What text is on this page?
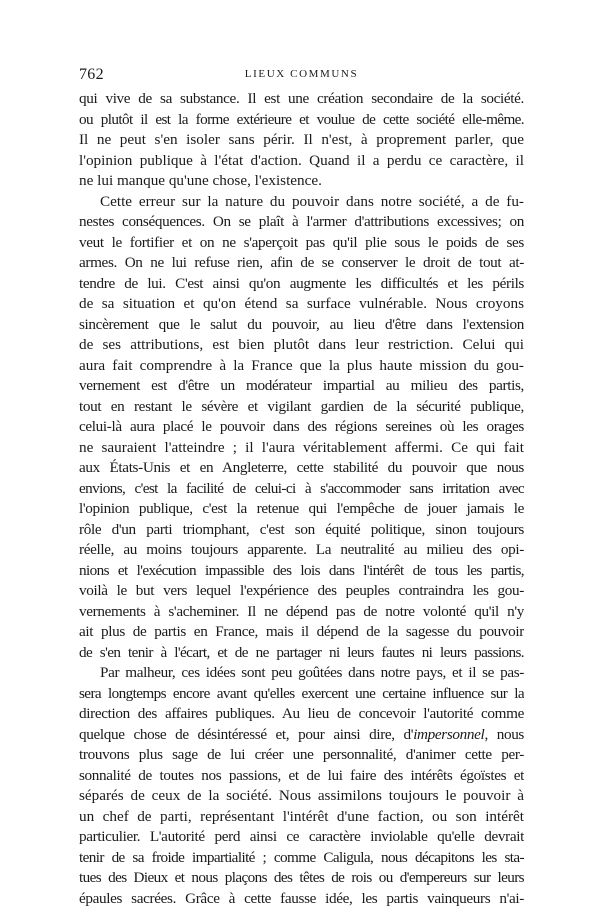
762	LIEUX COMMUNS
qui vive de sa substance. Il est une création secondaire de la société.
ou plutôt il est la forme extérieure et voulue de cette société elle-même.
Il ne peut s'en isoler sans périr. Il n'est, à proprement parler, que
l'opinion publique à l'état d'action. Quand il a perdu ce caractère, il
ne lui manque qu'une chose, l'existence.
Cette erreur sur la nature du pouvoir dans notre société, a de fu-
nestes conséquences. On se plaît à l'armer d'attributions excessives; on
veut le fortifier et on ne s'aperçoit pas qu'il plie sous le poids de ses
armes. On ne lui refuse rien, afin de se conserver le droit de tout at-
tendre de lui. C'est ainsi qu'on augmente les difficultés et les périls
de sa situation et qu'on étend sa surface vulnérable. Nous croyons
sincèrement que le salut du pouvoir, au lieu d'être dans l'extension
de ses attributions, est bien plutôt dans leur restriction. Celui qui
aura fait comprendre à la France que la plus haute mission du gou-
vernement est d'être un modérateur impartial au milieu des partis,
tout en restant le sévère et vigilant gardien de la sécurité publique,
celui-là aura placé le pouvoir dans des régions sereines où les orages
ne sauraient l'atteindre ; il l'aura véritablement affermi. Ce qui fait
aux États-Unis et en Angleterre, cette stabilité du pouvoir que nous
envions, c'est la facilité de celui-ci à s'accommoder sans irritation avec
l'opinion publique, c'est la retenue qui l'empêche de jouer jamais le
rôle d'un parti triomphant, c'est son équité politique, sinon toujours
réelle, au moins toujours apparente. La neutralité au milieu des opi-
nions et l'exécution impassible des lois dans l'intérêt de tous les partis,
voilà le but vers lequel l'expérience des peuples contraindra les gou-
vernements à s'acheminer. Il ne dépend pas de notre volonté qu'il n'y
ait plus de partis en France, mais il dépend de la sagesse du pouvoir
de s'en tenir à l'écart, et de ne partager ni leurs fautes ni leurs passions.
Par malheur, ces idées sont peu goûtées dans notre pays, et il se pas-
sera longtemps encore avant qu'elles exercent une certaine influence sur la
direction des affaires publiques. Au lieu de concevoir l'autorité comme
quelque chose de désintéressé et, pour ainsi dire, d'impersonnel, nous
trouvons plus sage de lui créer une personnalité, d'animer cette per-
sonnalité de toutes nos passions, et de lui faire des intérêts égoïstes et
séparés de ceux de la société. Nous assimilons toujours le pouvoir à
un chef de parti, représentant l'intérêt d'une faction, ou son intérêt
particulier. L'autorité perd ainsi ce caractère inviolable qu'elle devrait
tenir de sa froide impartialité ; comme Caligula, nous décapitons les sta-
tues des Dieux et nous plaçons des têtes de rois ou d'empereurs sur leurs
épaules sacrées. Grâce à cette fausse idée, les partis vainqueurs n'ai-
